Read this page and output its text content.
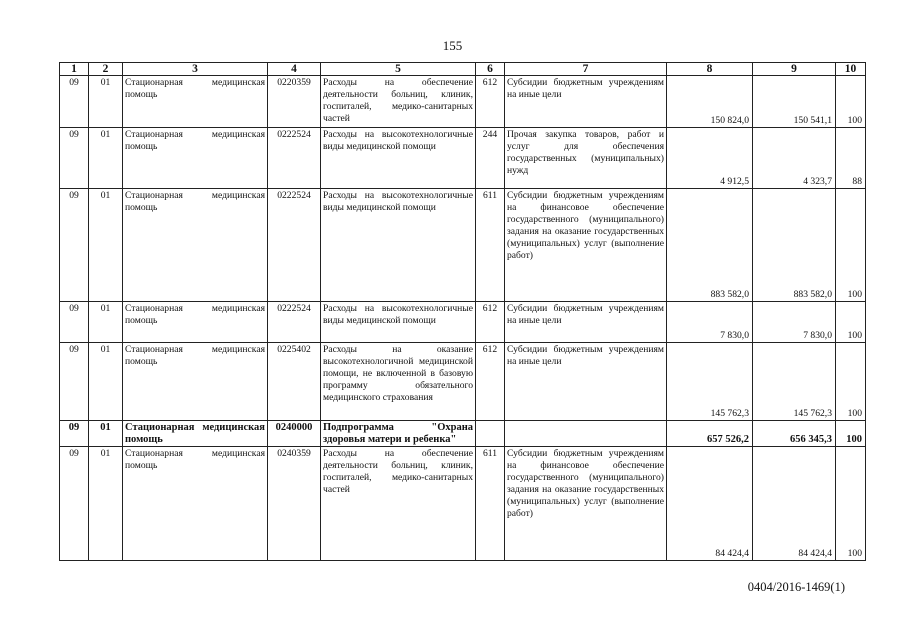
155
1	2	3	4	5	6	7	8	9	10
09	01	Стационарная медицинская помощь	0220359	Расходы на обеспечение деятельности больниц, клиник, госпиталей, медико-санитарных частей	612	Субсидии бюджетным учреждениям на иные цели	150 824,0	150 541,1	100
09	01	Стационарная медицинская помощь	0222524	Расходы на высокотехнологичные виды медицинской помощи	244	Прочая закупка товаров, работ и услуг для обеспечения государственных (муниципальных) нужд	4 912,5	4 323,7	88
09	01	Стационарная медицинская помощь	0222524	Расходы на высокотехнологичные виды медицинской помощи	611	Субсидии бюджетным учреждениям на финансовое обеспечение государственного (муниципального) задания на оказание государственных (муниципальных) услуг (выполнение работ)	883 582,0	883 582,0	100
09	01	Стационарная медицинская помощь	0222524	Расходы на высокотехнологичные виды медицинской помощи	612	Субсидии бюджетным учреждениям на иные цели	7 830,0	7 830,0	100
09	01	Стационарная медицинская помощь	0225402	Расходы на оказание высокотехнологичной медицинской помощи, не включенной в базовую программу обязательного медицинского страхования	612	Субсидии бюджетным учреждениям на иные цели	145 762,3	145 762,3	100
09	01	Стационарная медицинская помощь	0240000	Подпрограмма "Охрана здоровья матери и ребенка"			657 526,2	656 345,3	100
09	01	Стационарная медицинская помощь	0240359	Расходы на обеспечение деятельности больниц, клиник, госпиталей, медико-санитарных частей	611	Субсидии бюджетным учреждениям на финансовое обеспечение государственного (муниципального) задания на оказание государственных (муниципальных) услуг (выполнение работ)	84 424,4	84 424,4	100
0404/2016-1469(1)
